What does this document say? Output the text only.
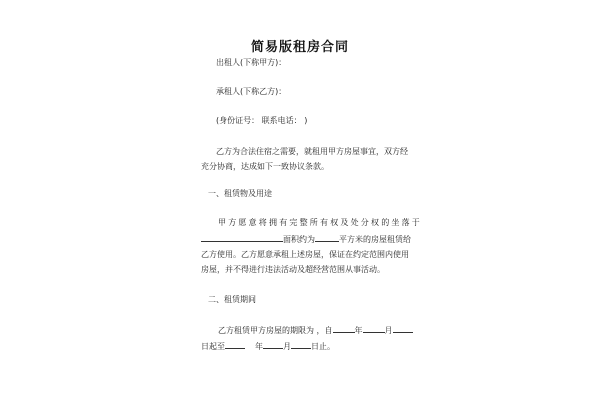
简易版租房合同
出租人(下称甲方)：
承租人(下称乙方)：
(身份证号： 联系电话： )
乙方为合法住宿之需要，就租用甲方房屋事宜，双方经
充分协商，达成如下一致协议条款。
一、租赁物及用途
甲方愿意将拥有完整所有权及处分权的坐落于
面积约为	平方米的房屋租赁给
乙方使用。乙方愿意承租上述房屋，保证在约定范围内使用
房屋，并不得进行违法活动及超经营范围从事活动。
二、租赁期间
乙方租赁甲方房屋的期限为 ，自	年	月
日起至	年	月	日止。
